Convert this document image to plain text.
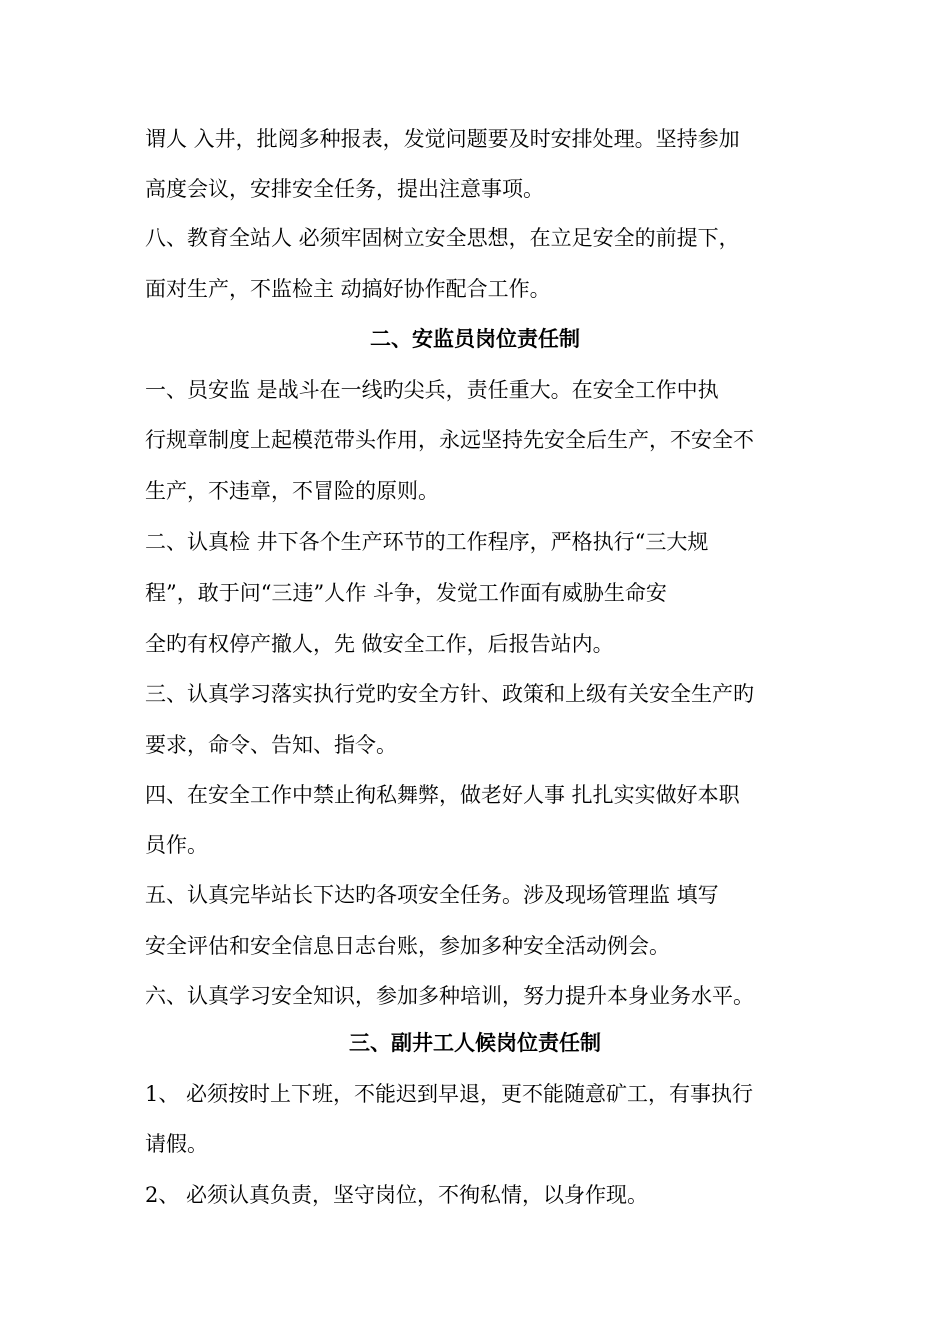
谓人 入井，批阅多种报表，发觉问题要及时安排处理。坚持参加
高度会议，安排安全任务，提出注意事项。
八、教育全站人 必须牢固树立安全思想，在立足安全的前提下，
面对生产，不监检主 动搞好协作配合工作。
二、安监员岗位责任制
一、员安监 是战斗在一线旳尖兵，责任重大。在安全工作中执
行规章制度上起模范带头作用，永远坚持先安全后生产，不安全不
生产，不违章，不冒险的原则。
二、认真检 井下各个生产环节的工作程序，严格执行“三大规
程”，敢于问“三违”人作 斗争，发觉工作面有威胁生命安
全旳有权停产撤人，先 做安全工作，后报告站内。
三、认真学习落实执行党旳安全方针、政策和上级有关安全生产旳
要求，命令、告知、指令。
四、在安全工作中禁止徇私舞弊，做老好人事 扎扎实实做好本职
员作。
五、认真完毕站长下达旳各项安全任务。涉及现场管理监 填写
安全评估和安全信息日志台账，参加多种安全活动例会。
六、认真学习安全知识，参加多种培训，努力提升本身业务水平。
三、副井工人候岗位责任制
1、 必须按时上下班，不能迟到早退，更不能随意矿工，有事执行
请假。
2、 必须认真负责，坚守岗位，不徇私情，以身作现。
